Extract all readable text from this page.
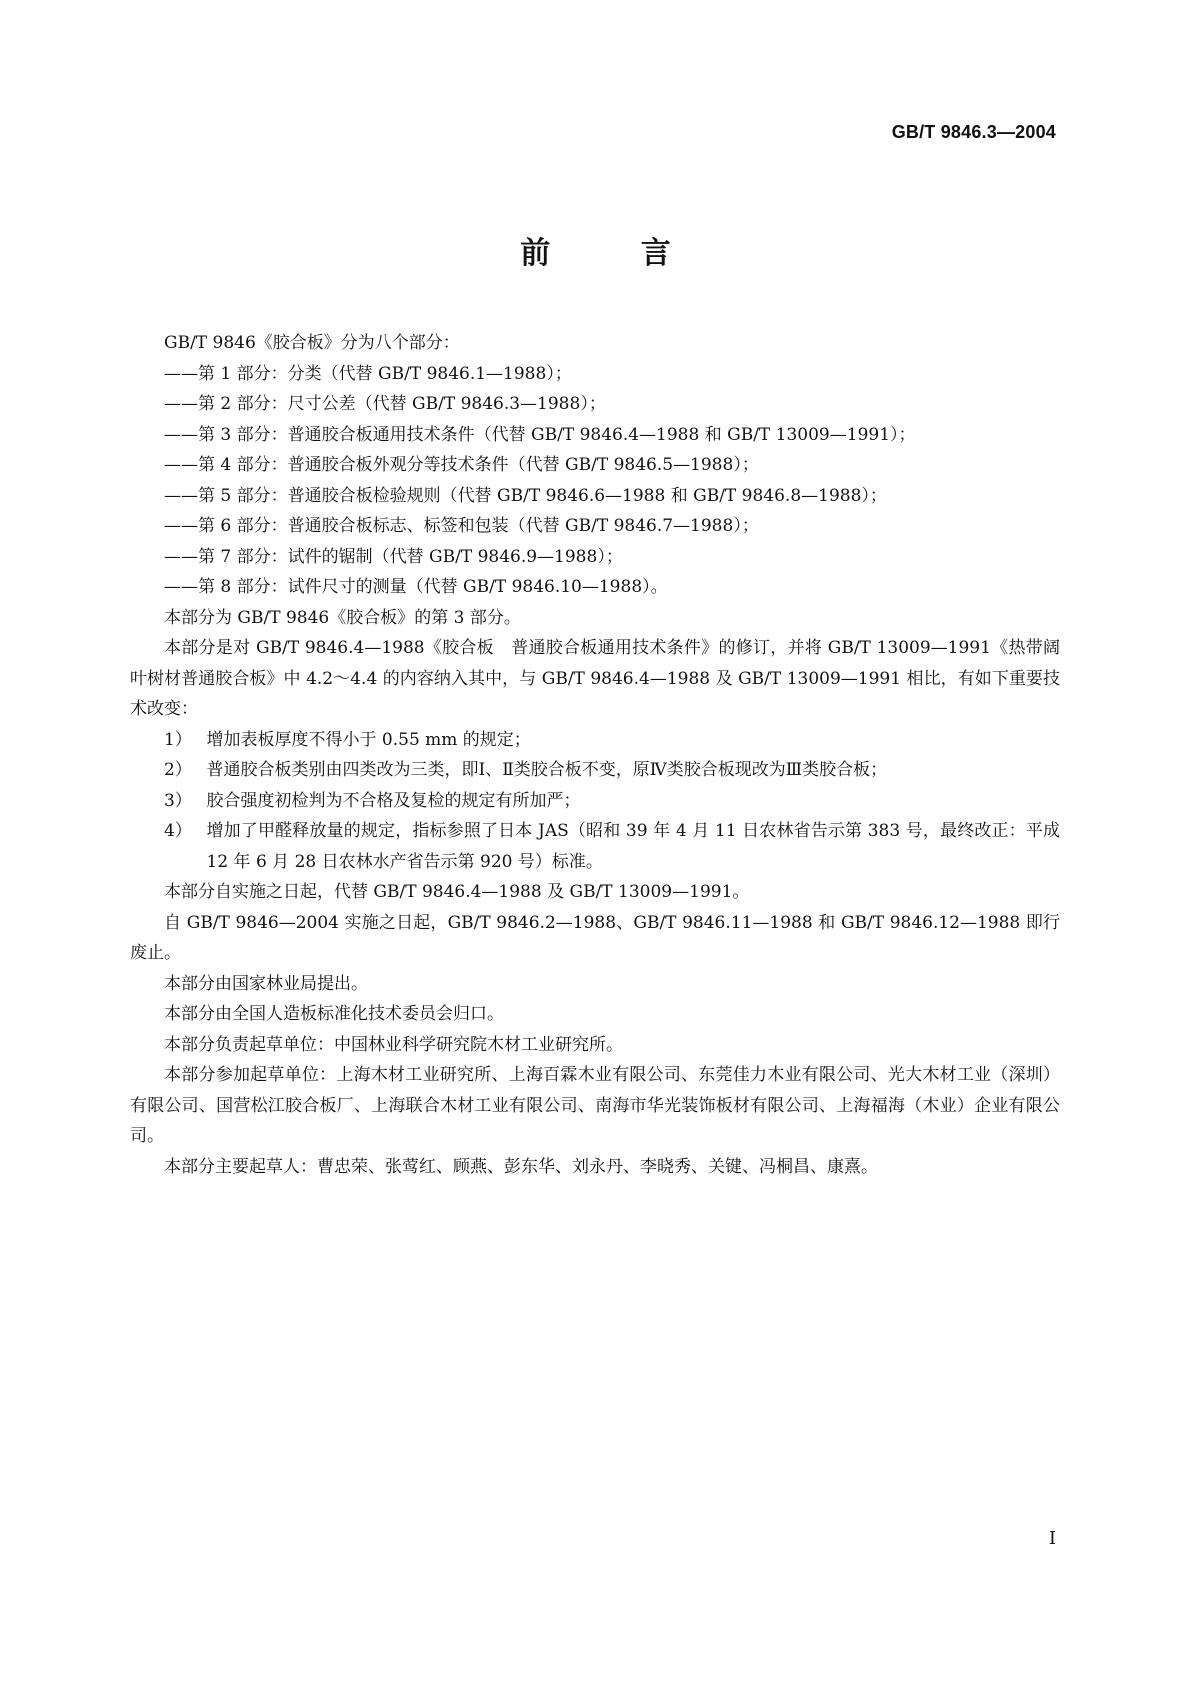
GB/T 9846.3—2004
前 言

GB/T 9846《胶合板》分为八个部分：

——第 1 部分：分类（代替 GB/T 9846.1—1988）；

——第 2 部分：尺寸公差（代替 GB/T 9846.3—1988）；

——第 3 部分：普通胶合板通用技术条件（代替 GB/T 9846.4—1988 和 GB/T 13009—1991）；

——第 4 部分：普通胶合板外观分等技术条件（代替 GB/T 9846.5—1988）；

——第 5 部分：普通胶合板检验规则（代替 GB/T 9846.6—1988 和 GB/T 9846.8—1988）；

——第 6 部分：普通胶合板标志、标签和包装（代替 GB/T 9846.7—1988）；

——第 7 部分：试件的锯制（代替 GB/T 9846.9—1988）；

——第 8 部分：试件尺寸的测量（代替 GB/T 9846.10—1988）。

本部分为 GB/T 9846《胶合板》的第 3 部分。

本部分是对 GB/T 9846.4—1988《胶合板　普通胶合板通用技术条件》的修订，并将 GB/T 13009—1991《热带阔叶树材普通胶合板》中 4.2～4.4 的内容纳入其中，与 GB/T 9846.4—1988 及 GB/T 13009—1991 相比，有如下重要技术改变：

1） 增加表板厚度不得小于 0.55 mm 的规定；
2） 普通胶合板类别由四类改为三类，即Ⅰ、Ⅱ类胶合板不变，原Ⅳ类胶合板现改为Ⅲ类胶合板；
3） 胶合强度初检判为不合格及复检的规定有所加严；
4） 增加了甲醛释放量的规定，指标参照了日本 JAS（昭和 39 年 4 月 11 日农林省告示第 383 号，最终改正：平成 12 年 6 月 28 日农林水产省告示第 920 号）标准。

本部分自实施之日起，代替 GB/T 9846.4—1988 及 GB/T 13009—1991。

自 GB/T 9846—2004 实施之日起，GB/T 9846.2—1988、GB/T 9846.11—1988 和 GB/T 9846.12—1988 即行废止。

本部分由国家林业局提出。

本部分由全国人造板标准化技术委员会归口。

本部分负责起草单位：中国林业科学研究院木材工业研究所。

本部分参加起草单位：上海木材工业研究所、上海百霖木业有限公司、东莞佳力木业有限公司、光大木材工业（深圳）有限公司、国营松江胶合板厂、上海联合木材工业有限公司、南海市华光装饰板材有限公司、上海福海（木业）企业有限公司。

本部分主要起草人：曹忠荣、张莺红、顾燕、彭东华、刘永丹、李晓秀、关键、冯桐昌、康熹。

I
